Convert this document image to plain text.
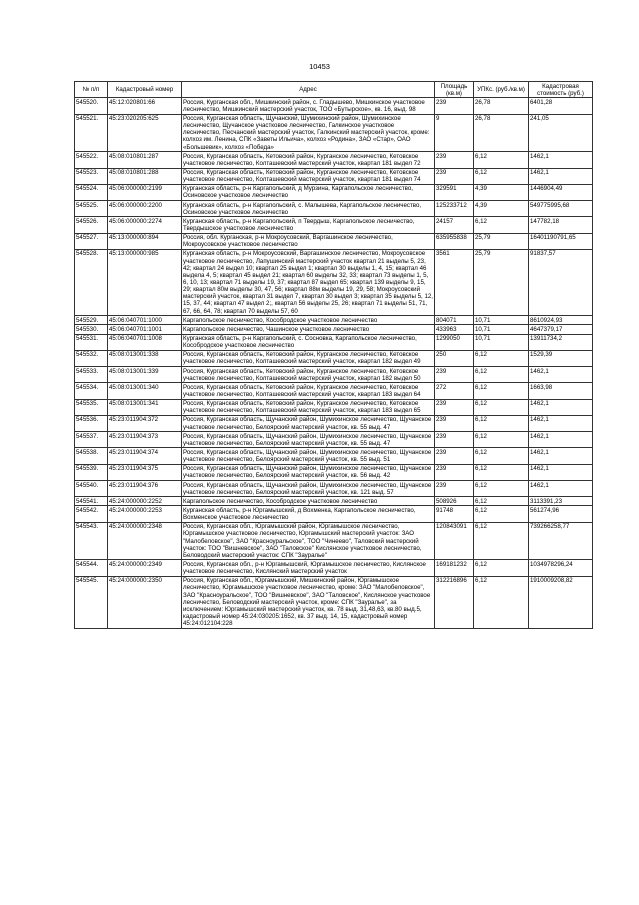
10453
№ п/п	Кадастровый номер	Адрес	Площадь (кв.м)	УПКс. (руб./кв.м)	Кадастровая стоимость (руб.)
545520.	45:12:020801:66	Россия, Курганская обл., Мишкинский район, с. Гладышево, Мишкинское участковое лесничество, Мишкинский мастерский участок, ТОО «Бутырское», кв. 16, выд. 98	239	26,78	6401,28
545521.	45:23:020205:625	Россия, Курганская область, Щучанский, Шумихинский район, Шумихинское лесничество, Щучанское участковое лесничество, Галкинское участковое лесничество, Песчанский мастерский участок, Галкинский мастерский участок, кроме: колхоз им. Ленина, СПК «Заветы Ильича», колхоз «Родина», ЗАО «Стар», ОАО «Большевик», колхоз «Победа»	9	26,78	241,05
545522.	45:08:010801:287	Россия, Курганская область, Кетовский район, Курганское лесничество, Кетовское участковое лесничество, Колташевский мастерский участок, квартал 181 выдел 72	239	6,12	1462,1
545523.	45:08:010801:288	Россия, Курганская область, Кетовский район, Курганское лесничество, Кетовское участковое лесничество, Колташевский мастерский участок, квартал 181 выдел 74	239	6,12	1462,1
545524.	45:06:000000:2199	Курганская область, р-н Каргапольский, д Мурзина, Каргапольское лесничество, Осиновское участковое лесничество	329591	4,39	1446904,49
545525.	45:06:000000:2200	Курганская область, р-н Каргапольский, с. Малышева, Каргапольское лесничество, Осиновское участковое лесничество	125233712	4,39	549775995,68
545526.	45:06:000000:2274	Курганская область, р-н Каргапольский, п Твердыш, Каргапольское лесничество, Твердышское участковое лесничество	24157	6,12	147782,18
545527.	45:13:000000:894	Россия, обл. Курганская, р-н Мокроусовский, Варгашинское лесничество, Мокроусовское участковое лесничество	635955838	25,79	16401190791,65
545528.	45:13:000000:985	Курганская область, р-н Мокроусовский, Варгашинское лесничество, Мокроусовское участковое лесничество, Лапушинский мастерский участок квартал 21 выделы 5, 23, 42; квартал 24 выдел 10; квартал 25 выдел 1; квартал 30 выделы 1, 4, 15; квартал 46 выдела 4, 5; квартал 45 выдел 21; квартал 60 выделы 32, 33; квартал 73 выделы 1, 5, 6, 10, 13; квартал 71 выделы 19, 37; квартал 87 выдел 65; квартал 139 выделы 9, 15, 29; квартал 80м выделы 30, 47, 56; квартал 88м выделы 19, 29, 58; Мокроусовский мастерский участок, квартал 31 выдел 7, квартал 30 выдел 3; квартал 35 выделы 5, 12, 15, 37, 44; квартал 47 выдел 2;, квартал 56 выделы 25, 26; квартал 71 выделы 51, 71, 67, 66, 64, 78; квартал 70 выделы 57, 60	3561	25,79	91837,57
545529.	45:06:040701:1000	Каргапольское лесничество, Кособродское участковое лесничество	804071	10,71	8610924,93
545530.	45:06:040701:1001	Каргапольское лесничество, Чашинское участковое лесничество	433963	10,71	4647379,17
545531.	45:06:040701:1008	Курганская область, р-н Каргапольский, с. Сосновка, Каргапольское лесничество, Кособродское участковое лесничество	1299050	10,71	13911734,2
545532.	45:08:013001:338	Россия, Курганская область, Кетовский район, Курганское лесничество, Кетовское участковое лесничество, Колташевский мастерский участок, квартал 182 выдел 49	250	6,12	1529,39
545533.	45:08:013001:339	Россия, Курганская область, Кетовский район, Курганское лесничество, Кетовское участковое лесничество, Колташевский мастерский участок, квартал 182 выдел 50	239	6,12	1462,1
545534.	45:08:013001:340	Россия, Курганская область, Кетовский район, Курганское лесничество, Кетовское участковое лесничество, Колташевский мастерский участок, квартал 183 выдел 64	272	6,12	1663,98
545535.	45:08:013001:341	Россия, Курганская область, Кетовский район, Курганское лесничество, Кетовское участковое лесничество, Колташевский мастерский участок, квартал 183 выдел 65	239	6,12	1462,1
545536.	45:23:011904:372	Россия, Курганская область, Щучанский район, Шумихинское лесничество, Щучанское участковое лесничество, Белоярский мастерский участок, кв. 55 выд. 47	239	6,12	1462,1
545537.	45:23:011904:373	Россия, Курганская область, Щучанский район, Шумихинское лесничество, Щучанское участковое лесничество, Белоярский мастерский участок, кв. 55 выд. 47	239	6,12	1462,1
545538.	45:23:011904:374	Россия, Курганская область, Щучанский район, Шумихинское лесничество, Щучанское участковое лесничество, Белоярский мастерский участок, кв. 55 выд. 51	239	6,12	1462,1
545539.	45:23:011904:375	Россия, Курганская область, Щучанский район, Шумихинское лесничество, Щучанское участковое лесничество, Белоярский мастерский участок, кв. 56 выд. 42	239	6,12	1462,1
545540.	45:23:011904:376	Россия, Курганская область, Щучанский район, Шумихинское лесничество, Щучанское участковое лесничество, Белоярский мастерский участок, кв. 121 выд. 57	239	6,12	1462,1
545541.	45:24:000000:2252	Каргапольское лесничество, Кособродское участковое лесничество	508926	6,12	3113391,23
545542.	45:24:000000:2253	Курганская область, р-н Юргамышский, д Вохменка, Каргапольское лесничество, Вохменское участковое лесничество	91748	6,12	561274,96
545543.	45:24:000000:2348	Россия, Курганская обл., Юргамышский район, Юргамышское лесничество, Юргамышское участковое лесничество, Юргамышский мастерский участок: ЗАО "Малобеловское", ЗАО "Красноуральское", ТОО "Чинеево", Таловский мастерский участок: ТОО "Вишневское", ЗАО "Таловское" Кислянское участковое лесничество, Беловодский мастерский участок: СПК "Зауралье"	120843091	6,12	739266258,77
545544.	45:24:000000:2349	Россия, Курганская обл., р-н Юргамышский, Юргамышское лесничество, Кислянское участковое лесничество, Кислянский мастерский участок	169181232	6,12	1034978296,24
545545.	45:24:000000:2350	Россия, Курганская обл., Юргамышский, Мишкинский район, Юргамышское лесничество, Юргамышское участковое лесничество, кроме: ЗАО "Малобеловское", ЗАО "Красноуральское", ТОО "Вишневское", ЗАО "Таловское", Кислянское участковое лесничество, Беловодский мастерский участок, кроме: СПК "Зауралье", за исключением: Юргамышский мастерский участок, кв. 78 выд. 31,48,63, кв.80 выд.5, кадастровый номер 45:24:030205:1652, кв. 37 выд. 14, 15, кадастровый номер 45:24:012104:228	312216896	6,12	1910009208,82
